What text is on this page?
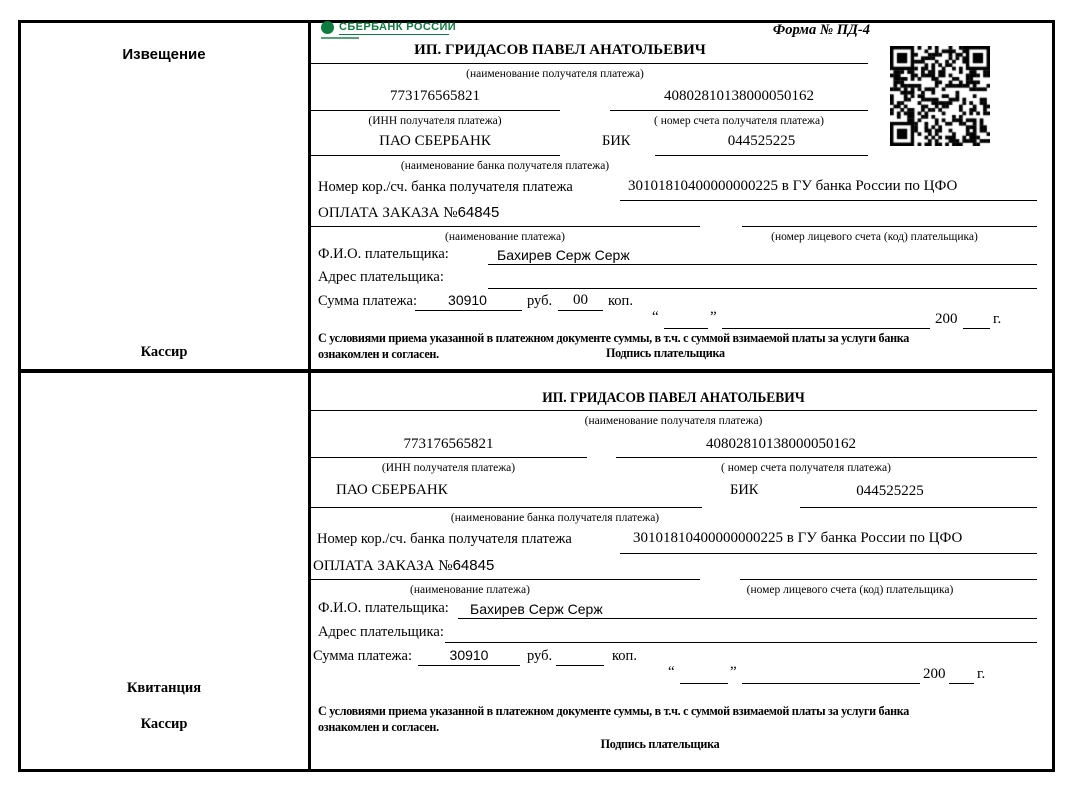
Извещение
Кассир
Квитанция
Кассир
СБЕРБАНК РОССИИ	Форма № ПД-4
ИП. ГРИДАСОВ ПАВЕЛ АНАТОЛЬЕВИЧ
(наименование получателя платежа)
773176565821	40802810138000050162
(ИНН получателя платежа)	( номер счета получателя платежа)
ПАО СБЕРБАНК	БИК	044525225
(наименование банка получателя платежа)
Номер кор./сч. банка получателя платежа	30101810400000000225 в ГУ банка России по ЦФО
ОПЛАТА ЗАКАЗА №64845
(наименование платежа)	(номер лицевого счета (код) плательщика)
Ф.И.О. плательщика:	Бахирев Серж Серж
Адрес плательщика:
Сумма платежа:	30910	руб.	00	коп.
“	”	200 г.
С условиями приема указанной в платежном документе суммы, в т.ч. с суммой взимаемой платы за услуги банка
ознакомлен и согласен.	Подпись плательщика
ИП. ГРИДАСОВ ПАВЕЛ АНАТОЛЬЕВИЧ
(наименование получателя платежа)
773176565821	40802810138000050162
(ИНН получателя платежа)	( номер счета получателя платежа)
ПАО СБЕРБАНК	БИК	044525225
(наименование банка получателя платежа)
Номер кор./сч. банка получателя платежа	30101810400000000225 в ГУ банка России по ЦФО
ОПЛАТА ЗАКАЗА №64845
(наименование платежа)	(номер лицевого счета (код) плательщика)
Ф.И.О. плательщика: Бахирев Серж Серж
Адрес плательщика:
Сумма платежа:	30910	руб.	коп.
“	”	200 г.
С условиями приема указанной в платежном документе суммы, в т.ч. с суммой взимаемой платы за услуги банка
ознакомлен и согласен.
Подпись плательщика
